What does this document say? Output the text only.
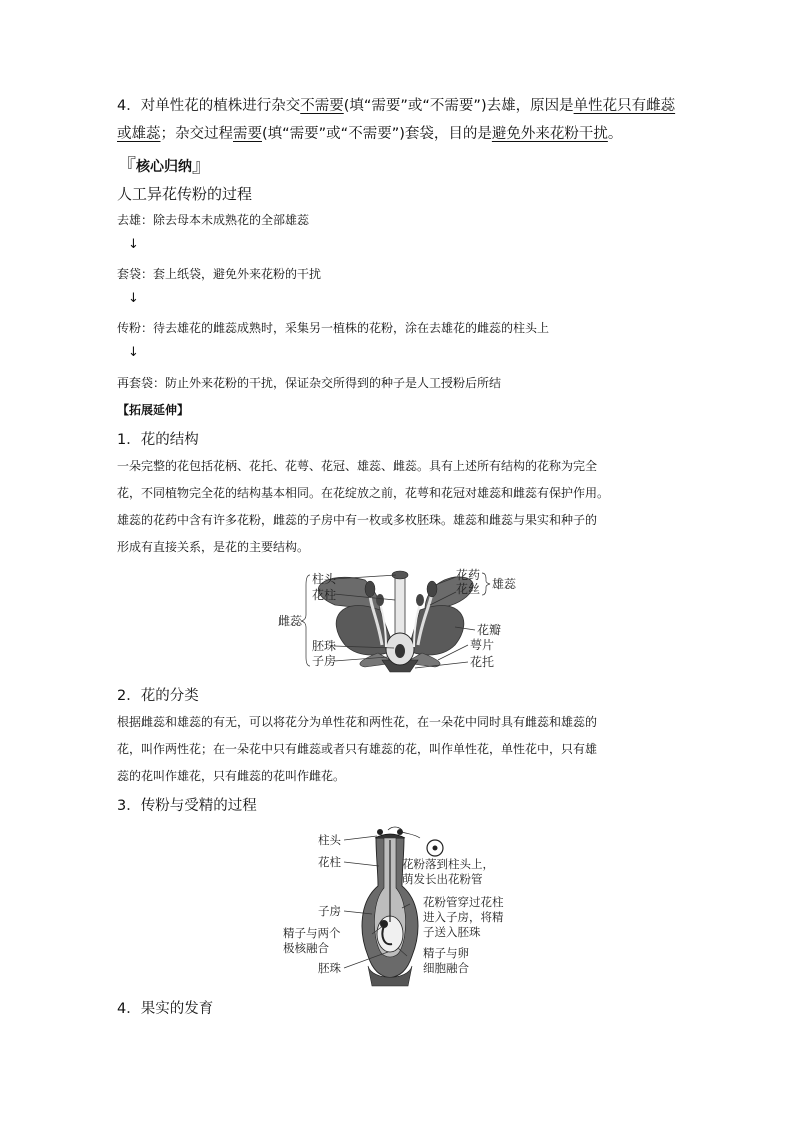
4．对单性花的植株进行杂交不需要(填“需要”或“不需要”)去雄，原因是单性花只有雌蕊
或雄蕊；杂交过程需要(填“需要”或“不需要”)套袋，目的是避免外来花粉干扰。
『核心归纳』
人工异花传粉的过程
去雄：除去母本未成熟花的全部雄蕊
↓
套袋：套上纸袋，避免外来花粉的干扰
↓
传粉：待去雄花的雌蕊成熟时，采集另一植株的花粉，涂在去雄花的雌蕊的柱头上
↓
再套袋：防止外来花粉的干扰，保证杂交所得到的种子是人工授粉后所结
【拓展延伸】
1．花的结构
一朵完整的花包括花柄、花托、花萼、花冠、雄蕊、雌蕊。具有上述所有结构的花称为完全
花，不同植物完全花的结构基本相同。在花绽放之前，花萼和花冠对雄蕊和雌蕊有保护作用。
雄蕊的花药中含有许多花粉，雌蕊的子房中有一枚或多枚胚珠。雄蕊和雌蕊与果实和种子的
形成有直接关系，是花的主要结构。
柱头
花柱
雌蕊
胚珠
子房
花药
花丝 雄蕊
花瓣
萼片
花托
2．花的分类
根据雌蕊和雄蕊的有无，可以将花分为单性花和两性花，在一朵花中同时具有雌蕊和雄蕊的
花，叫作两性花；在一朵花中只有雌蕊或者只有雄蕊的花，叫作单性花，单性花中，只有雄
蕊的花叫作雄花，只有雌蕊的花叫作雌花。
3．传粉与受精的过程
柱头
花柱
子房
精子与两个
极核融合
胚珠
花粉落到柱头上，
萌发长出花粉管
花粉管穿过花柱
进入子房，将精
子送入胚珠
精子与卵
细胞融合
4．果实的发育
